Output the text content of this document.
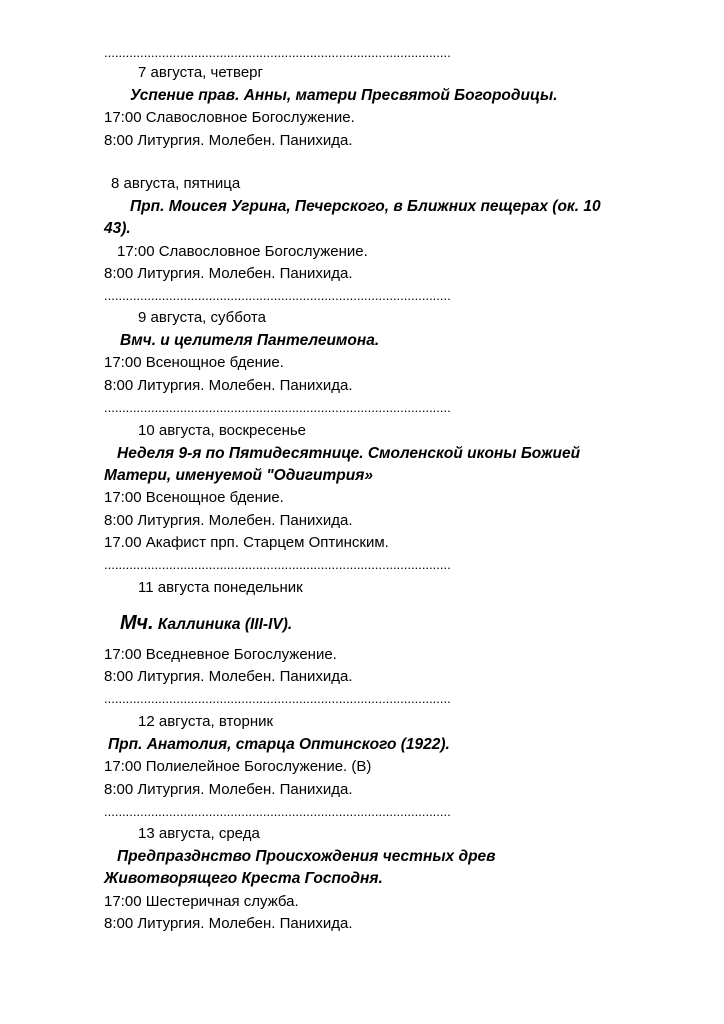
................................................................................................
7 августа, четверг
Успение прав. Анны, матери Пресвятой Богородицы.
17:00 Славословное Богослужение.
8:00 Литургия. Молебен. Панихида.
8 августа, пятница
Прп. Моисея Угрина, Печерского, в Ближних пещерах (ок. 10
43).
17:00 Славословное Богослужение.
8:00 Литургия. Молебен. Панихида.
................................................................................................
9 августа, суббота
Вмч. и целителя Пантелеимона.
17:00 Всенощное бдение.
8:00 Литургия. Молебен. Панихида.
................................................................................................
10 августа, воскресенье
Неделя 9-я по Пятидесятнице. Смоленской иконы Божией
Матери, именуемой "Одигитрия»
17:00 Всенощное бдение.
8:00 Литургия. Молебен. Панихида.
17.00 Акафист прп. Старцем Оптинским.
................................................................................................
11 августа понедельник
Мч. Каллиника (III-IV).
17:00 Вседневное Богослужение.
8:00 Литургия. Молебен. Панихида.
................................................................................................
12 августа, вторник
Прп. Анатолия, старца Оптинского (1922).
17:00 Полиелейное Богослужение. (В)
8:00 Литургия. Молебен. Панихида.
................................................................................................
13 августа, среда
Предпразднство Происхождения честных древ
Животворящего Креста Господня.
17:00 Шестеричная служба.
8:00 Литургия. Молебен. Панихида.
